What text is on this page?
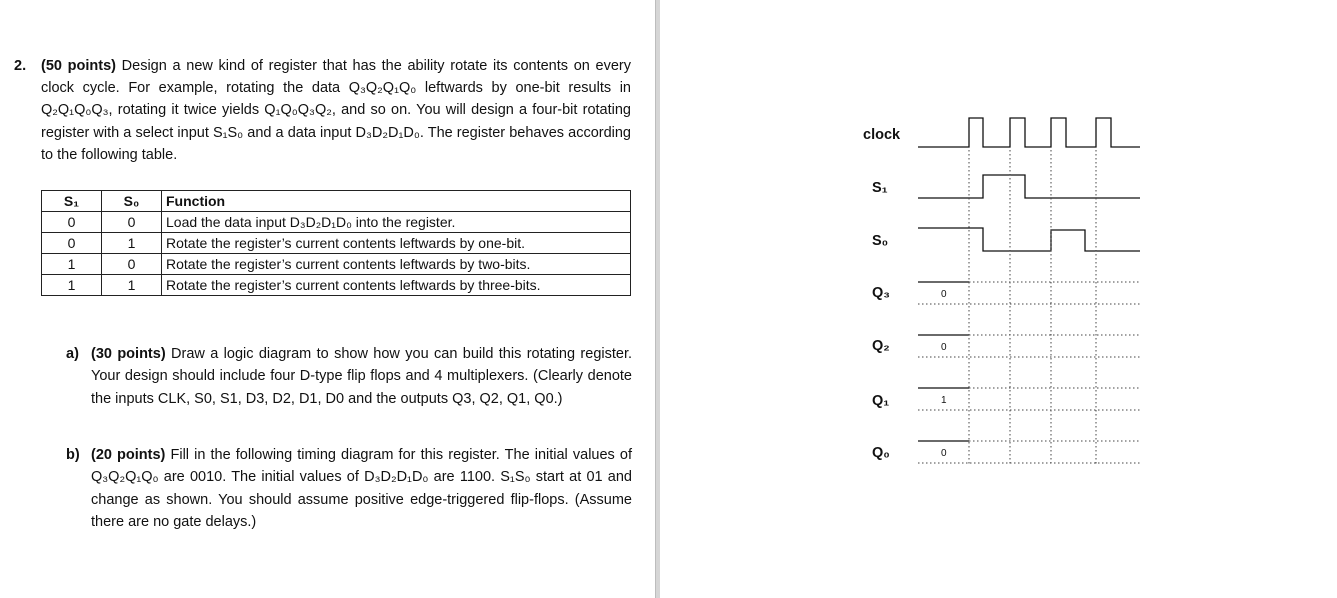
2. (50 points) Design a new kind of register that has the ability rotate its contents on every clock cycle. For example, rotating the data Q₃Q₂Q₁Q₀ leftwards by one-bit results in Q₂Q₁Q₀Q₃, rotating it twice yields Q₁Q₀Q₃Q₂, and so on. You will design a four-bit rotating register with a select input S₁S₀ and a data input D₃D₂D₁D₀. The register behaves according to the following table.
S₁	S₀	Function
0	0	Load the data input D₃D₂D₁D₀ into the register.
0	1	Rotate the register’s current contents leftwards by one-bit.
1	0	Rotate the register’s current contents leftwards by two-bits.
1	1	Rotate the register’s current contents leftwards by three-bits.
a) (30 points) Draw a logic diagram to show how you can build this rotating register. Your design should include four D-type flip flops and 4 multiplexers. (Clearly denote the inputs CLK, S0, S1, D3, D2, D1, D0 and the outputs Q3, Q2, Q1, Q0.)
b) (20 points) Fill in the following timing diagram for this register. The initial values of Q₃Q₂Q₁Q₀ are 0010. The initial values of D₃D₂D₁D₀ are 1100. S₁S₀ start at 01 and change as shown. You should assume positive edge-triggered flip-flops. (Assume there are no gate delays.)
clock
S₁
S₀
Q₃
Q₂
Q₁
Q₀
0
0
1
0
